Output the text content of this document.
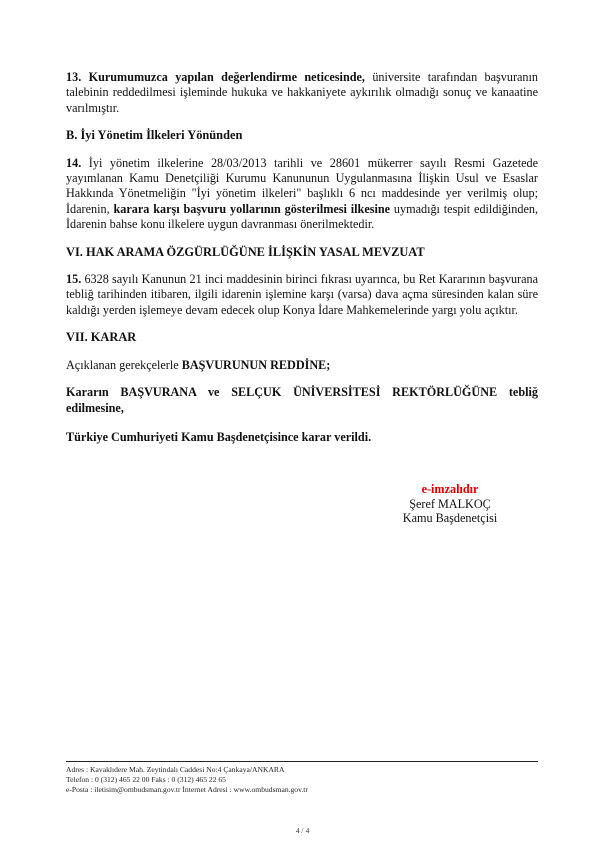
13. Kurumumuzca yapılan değerlendirme neticesinde, üniversite tarafından başvuranın talebinin reddedilmesi işleminde hukuka ve hakkaniyete aykırılık olmadığı sonuç ve kanaatine varılmıştır.

B. İyi Yönetim İlkeleri Yönünden

14. İyi yönetim ilkelerine 28/03/2013 tarihli ve 28601 mükerrer sayılı Resmi Gazetede yayımlanan Kamu Denetçiliği Kurumu Kanununun Uygulanmasına İlişkin Usul ve Esaslar Hakkında Yönetmeliğin "İyi yönetim ilkeleri" başlıklı 6 ncı maddesinde yer verilmiş olup; İdarenin, karara karşı başvuru yollarının gösterilmesi ilkesine uymadığı tespit edildiğinden, İdarenin bahse konu ilkelere uygun davranması önerilmektedir.

VI. HAK ARAMA ÖZGÜRLÜĞÜNE İLİŞKİN YASAL MEVZUAT

15. 6328 sayılı Kanunun 21 inci maddesinin birinci fıkrası uyarınca, bu Ret Kararının başvurana tebliğ tarihinden itibaren, ilgili idarenin işlemine karşı (varsa) dava açma süresinden kalan süre kaldığı yerden işlemeye devam edecek olup Konya İdare Mahkemelerinde yargı yolu açıktır.

VII. KARAR

Açıklanan gerekçelerle BAŞVURUNUN REDDİNE;

Kararın BAŞVURANA ve SELÇUK ÜNİVERSİTESİ REKTÖRLÜĞÜNE tebliğ edilmesine,

Türkiye Cumhuriyeti Kamu Başdenetçisince karar verildi.

e-imzalıdır
Şeref MALKOÇ
Kamu Başdenetçisi
Adres : Kavaklıdere Mah. Zeytindalı Caddesi No:4 Çankaya/ANKARA
Telefon : 0 (312) 465 22 00 Faks : 0 (312) 465 22 65
e-Posta : iletisim@ombudsman.gov.tr İnternet Adresi : www.ombudsman.gov.tr
4 / 4
